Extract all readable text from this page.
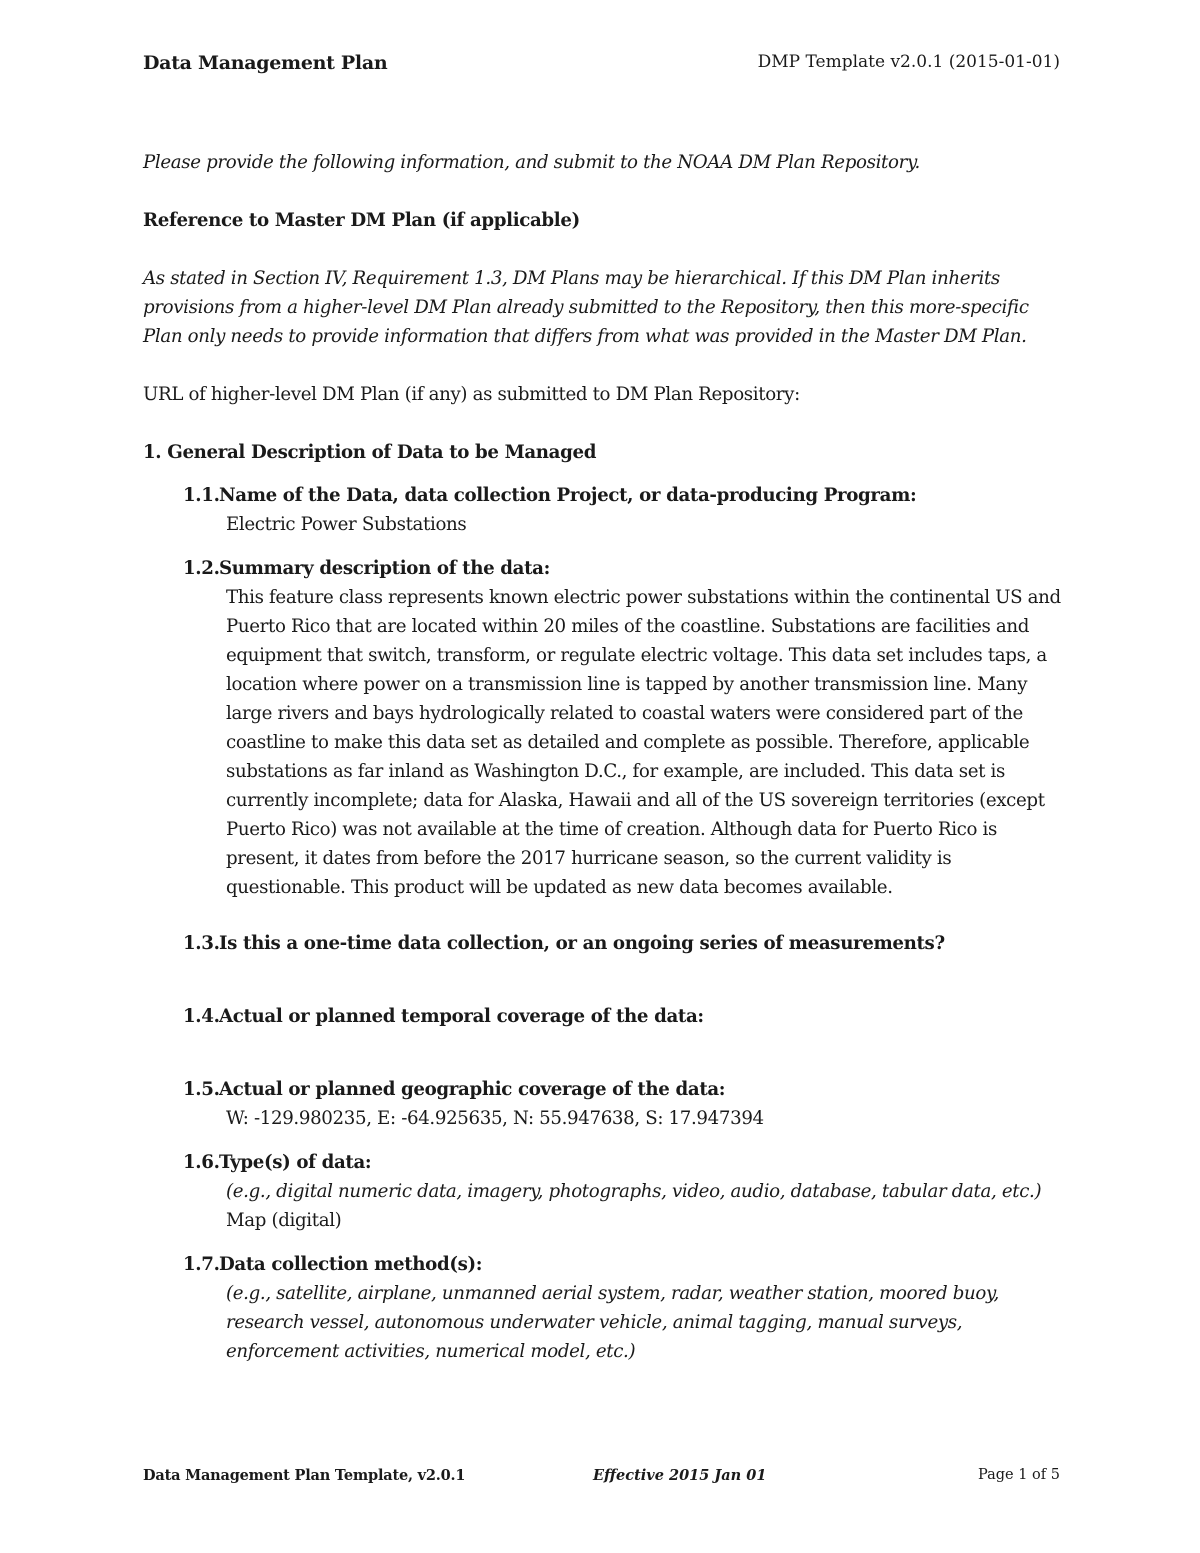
Data Management Plan	DMP Template v2.0.1 (2015-01-01)

Please provide the following information, and submit to the NOAA DM Plan Repository.

Reference to Master DM Plan (if applicable)

As stated in Section IV, Requirement 1.3, DM Plans may be hierarchical. If this DM Plan inherits provisions from a higher-level DM Plan already submitted to the Repository, then this more-specific Plan only needs to provide information that differs from what was provided in the Master DM Plan.

URL of higher-level DM Plan (if any) as submitted to DM Plan Repository:

1. General Description of Data to be Managed

1.1.Name of the Data, data collection Project, or data-producing Program:
Electric Power Substations
1.2.Summary description of the data:
This feature class represents known electric power substations within the continental US and Puerto Rico that are located within 20 miles of the coastline. Substations are facilities and equipment that switch, transform, or regulate electric voltage. This data set includes taps, a location where power on a transmission line is tapped by another transmission line. Many large rivers and bays hydrologically related to coastal waters were considered part of the coastline to make this data set as detailed and complete as possible. Therefore, applicable substations as far inland as Washington D.C., for example, are included. This data set is currently incomplete; data for Alaska, Hawaii and all of the US sovereign territories (except Puerto Rico) was not available at the time of creation. Although data for Puerto Rico is present, it dates from before the 2017 hurricane season, so the current validity is questionable. This product will be updated as new data becomes available.
1.3.Is this a one-time data collection, or an ongoing series of measurements?
1.4.Actual or planned temporal coverage of the data:
1.5.Actual or planned geographic coverage of the data:
W: -129.980235, E: -64.925635, N: 55.947638, S: 17.947394
1.6.Type(s) of data:
(e.g., digital numeric data, imagery, photographs, video, audio, database, tabular data, etc.)
Map (digital)
1.7.Data collection method(s):
(e.g., satellite, airplane, unmanned aerial system, radar, weather station, moored buoy, research vessel, autonomous underwater vehicle, animal tagging, manual surveys, enforcement activities, numerical model, etc.)
Data Management Plan Template, v2.0.1	Effective 2015 Jan 01	Page 1 of 5
